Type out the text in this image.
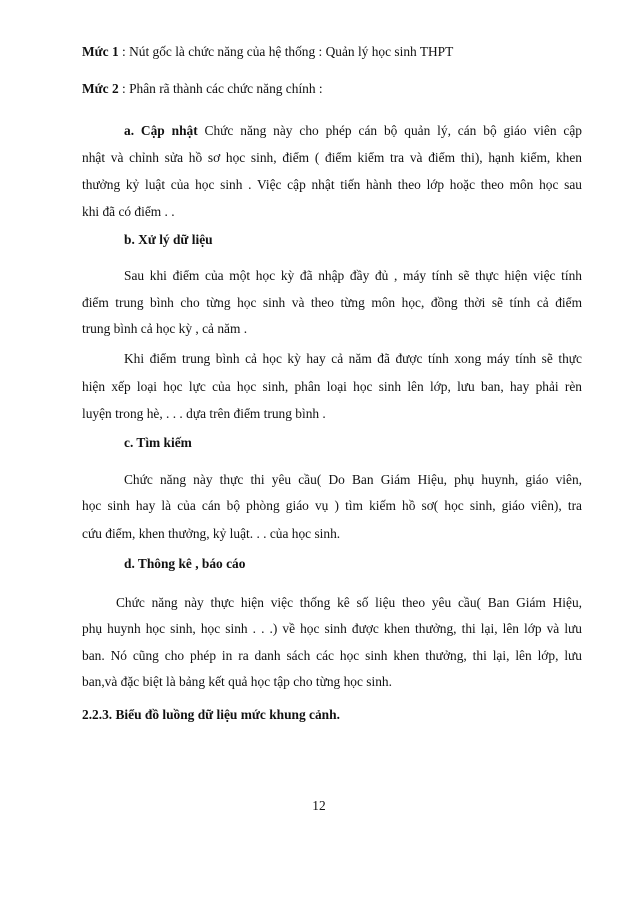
Mức 1 : Nút gốc là chức năng của hệ thống : Quản lý học sinh THPT
Mức 2 : Phân rã thành các chức năng chính :
a. Cập nhật Chức năng này cho phép cán bộ quản lý, cán bộ giáo viên cập
nhật và chỉnh sửa hồ sơ học sinh, điểm ( điểm kiểm tra và điểm thi), hạnh kiểm, khen
thưởng kỷ luật của học sinh . Việc cập nhật tiến hành theo lớp hoặc theo môn học sau
khi đã có điểm . .
b. Xử lý dữ liệu
Sau khi điểm của một học kỳ đã nhập đầy đủ , máy tính sẽ thực hiện việc tính
điểm trung bình cho từng học sinh và theo từng môn học, đồng thời sẽ tính cả điểm
trung bình cả học kỳ , cả năm .
Khi điểm trung bình cả học kỳ hay cả năm đã được tính xong máy tính sẽ thực
hiện xếp loại học lực của học sinh, phân loại học sinh lên lớp, lưu ban, hay phải rèn
luyện trong hè, . . . dựa trên điểm trung bình .
c. Tìm kiếm
Chức năng này thực thi yêu cầu( Do Ban Giám Hiệu, phụ huynh, giáo viên,
học sinh hay là của cán bộ phòng giáo vụ ) tìm kiếm hồ sơ( học sinh, giáo viên), tra
cứu điểm, khen thưởng, kỷ luật. . . của học sinh.
d. Thông kê , báo cáo
Chức năng này thực hiện việc thống kê số liệu theo yêu cầu( Ban Giám Hiệu,
phụ huynh học sinh, học sinh . . .) về học sinh được khen thưởng, thi lại, lên lớp và lưu
ban. Nó cũng cho phép in ra danh sách các học sinh khen thưởng, thi lại, lên lớp, lưu
ban,và đặc biệt là bảng kết quả học tập cho từng học sinh.
2.2.3. Biểu đồ luồng dữ liệu mức khung cảnh.
12
